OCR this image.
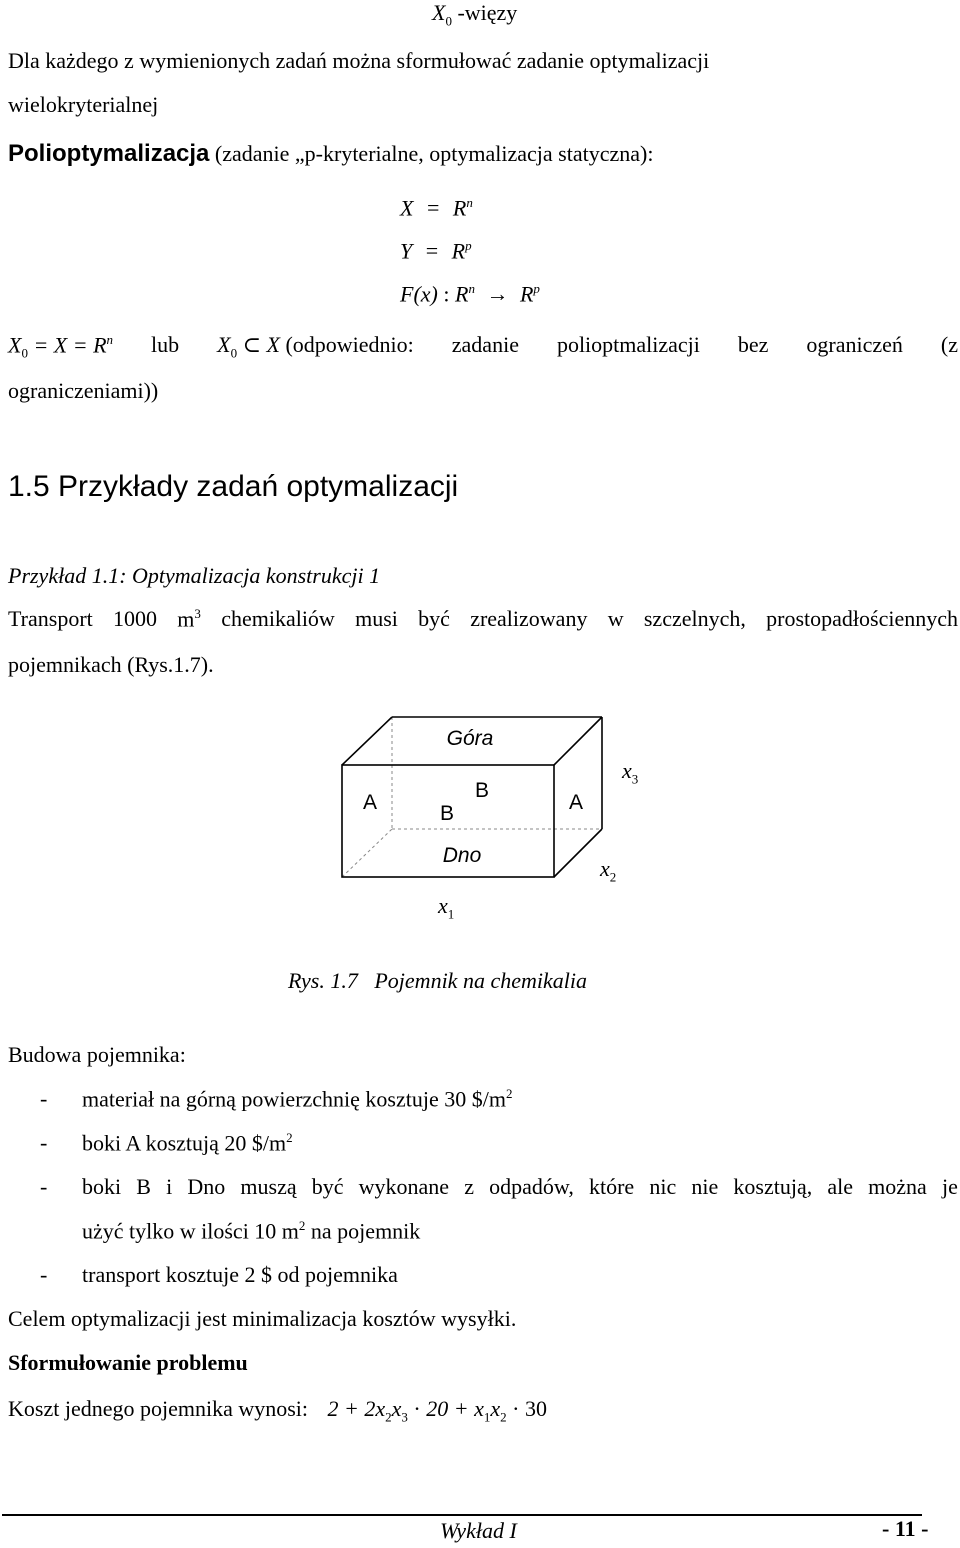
$X_0$ -więzy
Dla każdego z wymienionych zadań można sformułować zadanie optymalizacji
wielokryterialnej
Polioptymalizacja (zadanie „p-kryterialne, optymalizacja statyczna):
$X = R^n$
$Y = R^p$
F(x) : $R^n \to R^p$
$X_0 = X = R^n$ lub $X_0$ ⊂ X (odpowiednio: zadanie polioptmalizacji bez ograniczeń (z
ograniczeniami))
1.5 Przykłady zadań optymalizacji
Przykład 1.1: Optymalizacja konstrukcji 1
Transport 1000 $m^3$ chemikaliów musi być zrealizowany w szczelnych, prostopadłościennych
pojemnikach (Rys.1.7).
Góra
A	A
B
B
Dno
$x_3$
$x_2$
$x_1$
Rys. 1.7   Pojemnik na chemikalia
Budowa pojemnika:
- materiał na górną powierzchnię kosztuje 30 $\$/m^2$
- boki A kosztują 20 $\$/m^2$
- boki B i Dno muszą być wykonane z odpadów, które nic nie kosztują, ale można je
użyć tylko w ilości 10 $m^2$ na pojemnik
- transport kosztuje 2 $ od pojemnika
Celem optymalizacji jest minimalizacja kosztów wysyłki.
Sformułowanie problemu
Koszt jednego pojemnika wynosi: $2 + 2x_2x_3 \cdot 20 + x_1x_2 \cdot 30$
Wykład I	- 11 -
